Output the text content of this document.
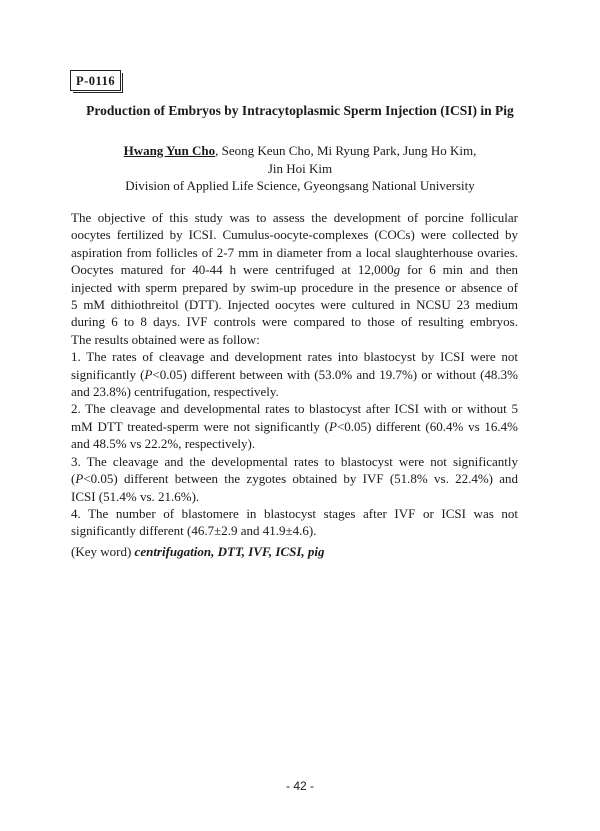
P-0116
Production of Embryos by Intracytoplasmic Sperm Injection (ICSI) in Pig
Hwang Yun Cho, Seong Keun Cho, Mi Ryung Park, Jung Ho Kim,
Jin Hoi Kim
Division of Applied Life Science, Gyeongsang National University

The objective of this study was to assess the development of porcine follicular
oocytes fertilized by ICSI. Cumulus-oocyte-complexes (COCs) were collected by
aspiration from follicles of 2-7 mm in diameter from a local slaughterhouse ovaries.
Oocytes matured for 40-44 h were centrifuged at 12,000g for 6 min and then
injected with sperm prepared by swim-up procedure in the presence or absence of
5 mM dithiothreitol (DTT). Injected oocytes were cultured in NCSU 23 medium
during 6 to 8 days. IVF controls were compared to those of resulting embryos.
The results obtained were as follow:
1. The rates of cleavage and development rates into blastocyst by ICSI were not
significantly (P<0.05) different between with (53.0% and 19.7%) or without (48.3%
and 23.8%) centrifugation, respectively.
2. The cleavage and developmental rates to blastocyst after ICSI with or without 5
mM DTT treated-sperm were not significantly (P<0.05) different (60.4% vs 16.4%
and 48.5% vs 22.2%, respectively).
3. The cleavage and the developmental rates to blastocyst were not significantly
(P<0.05) different between the zygotes obtained by IVF (51.8% vs. 22.4%) and
ICSI (51.4% vs. 21.6%).
4. The number of blastomere in blastocyst stages after IVF or ICSI was not
significantly different (46.7±2.9 and 41.9±4.6).

(Key word) centrifugation, DTT, IVF, ICSI, pig
- 42 -
